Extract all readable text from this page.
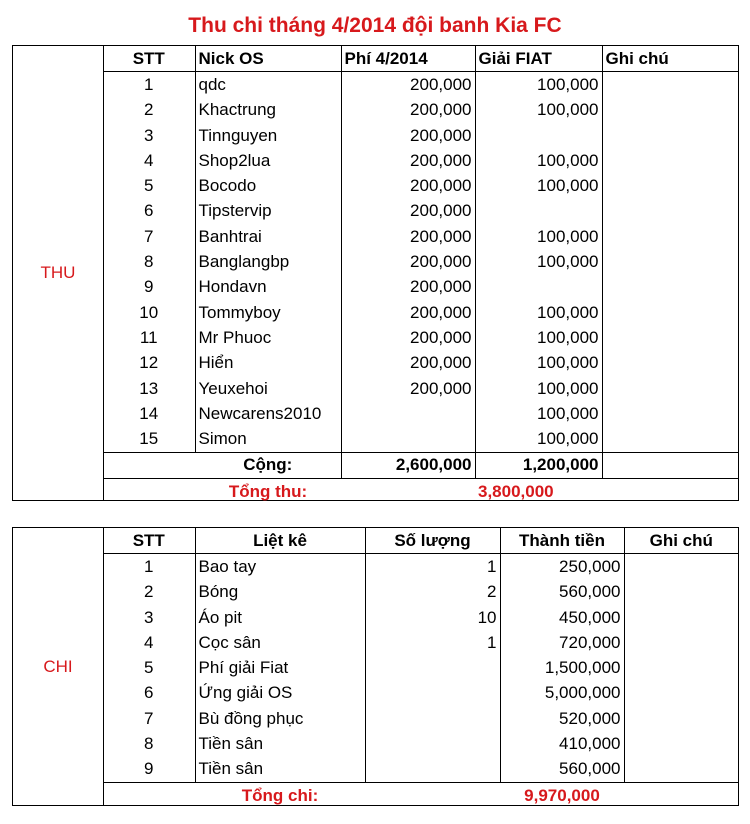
Thu chi tháng 4/2014 đội banh Kia FC
THU
STT	Nick OS	Phí 4/2014	Giải FIAT	Ghi chú
1	qdc	200,000	100,000	
2	Khactrung	200,000	100,000	
3	Tinnguyen	200,000		
4	Shop2lua	200,000	100,000	
5	Bocodo	200,000	100,000	
6	Tipstervip	200,000		
7	Banhtrai	200,000	100,000	
8	Banglangbp	200,000	100,000	
9	Hondavn	200,000		
10	Tommyboy	200,000	100,000	
11	Mr Phuoc	200,000	100,000	
12	Hiển	200,000	100,000	
13	Yeuxehoi	200,000	100,000	
14	Newcarens2010		100,000	
15	Simon		100,000	
	Cộng:	2,600,000	1,200,000	
	Tổng thu:		3,800,000	
CHI
STT	Liệt kê	Số lượng	Thành tiền	Ghi chú
1	Bao tay	1	250,000	
2	Bóng	2	560,000	
3	Áo pit	10	450,000	
4	Cọc sân	1	720,000	
5	Phí giải Fiat		1,500,000	
6	Ứng giải OS		5,000,000	
7	Bù đồng phục		520,000	
8	Tiền sân		410,000	
9	Tiền sân		560,000	
	Tổng chi:		9,970,000	
